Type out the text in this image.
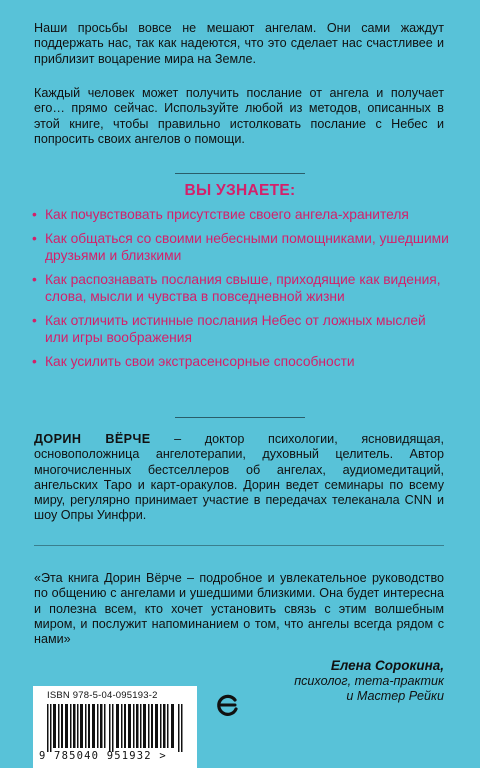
Наши просьбы вовсе не мешают ангелам. Они сами жаждут поддержать нас, так как надеются, что это сделает нас счастливее и приблизит воцарение мира на Земле.

Каждый человек может получить послание от ангела и получает его… прямо сейчас. Используйте любой из методов, описанных в этой книге, чтобы правильно истолковать послание с Небес и попросить своих ангелов о помощи.

ВЫ УЗНАЕТЕ:
• Как почувствовать присутствие своего ангела-хранителя
• Как общаться со своими небесными помощниками, ушедшими друзьями и близкими
• Как распознавать послания свыше, приходящие как видения, слова, мысли и чувства в повседневной жизни
• Как отличить истинные послания Небес от ложных мыслей или игры воображения
• Как усилить свои экстрасенсорные способности

ДОРИН ВЁРЧЕ – доктор психологии, ясновидящая, основоположница ангелотерапии, духовный целитель. Автор многочисленных бестселлеров об ангелах, аудиомедитаций, ангельских Таро и карт-оракулов. Дорин ведет семинары по всему миру, регулярно принимает участие в передачах телеканала CNN и шоу Опры Уинфри.

«Эта книга Дорин Вёрче – подробное и увлекательное руководство по общению с ангелами и ушедшими близкими. Она будет интересна и полезна всем, кто хочет установить связь с этим волшебным миром, и послужит напоминанием о том, что ангелы всегда рядом с нами»

Елена Сорокина,
психолог, тета-практик
и Мастер Рейки
ISBN 978-5-04-095193-2
9 785040 951932 >
